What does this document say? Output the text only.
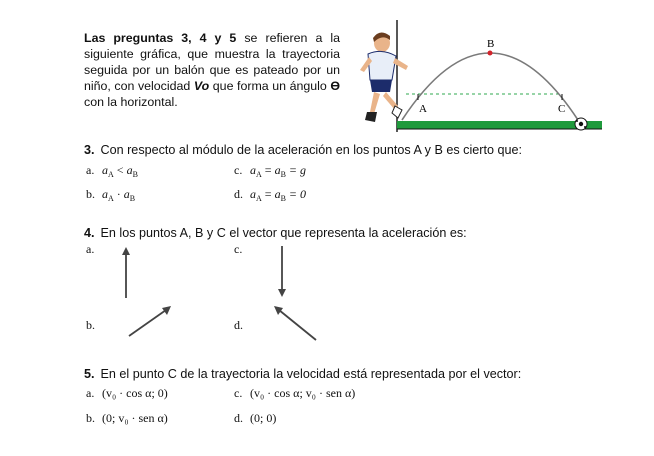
Las preguntas 3, 4 y 5 se refieren a la siguiente gráfica, que muestra la trayectoria seguida por un balón que es pateado por un niño, con velocidad Vo que forma un ángulo ϴ con la horizontal.	A
B
C
3. Con respecto al módulo de la aceleración en los puntos A y B es cierto que:
a. $a_A < a_B$
b. $a_A \cdot a_B$
c. $a_A = a_B = g$
d. $a_A = a_B = 0$
4. En los puntos A, B y C el vector que representa la aceleración es:
a.	c.
b.	d.
5. En el punto C de la trayectoria la velocidad está representada por el vector:
a. (v₀ · cos α; 0)	c. (v₀ · cos α; v₀ · sen α)
b. (0; v₀ · sen α)	d. (0; 0)
